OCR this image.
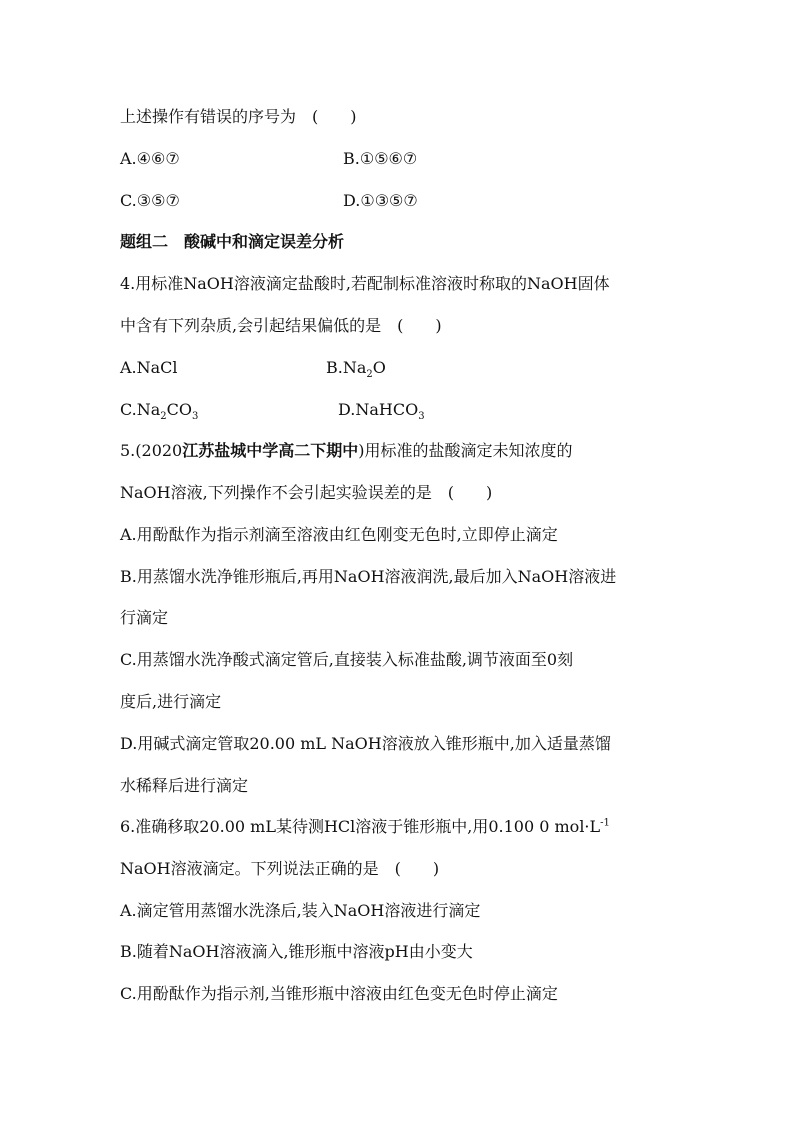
上述操作有错误的序号为　(　　)
A.④⑥⑦	B.①⑤⑥⑦
C.③⑤⑦	D.①③⑤⑦
题组二　酸碱中和滴定误差分析
4.用标准NaOH溶液滴定盐酸时,若配制标准溶液时称取的NaOH固体
中含有下列杂质,会引起结果偏低的是　(　　)
A.NaCl	$B.Na_2O$
$C.Na_2CO_3$	D.NaHCO$_3$
5.(2020江苏盐城中学高二下期中)用标准的盐酸滴定未知浓度的
NaOH溶液,下列操作不会引起实验误差的是　(　　)
A.用酚酞作为指示剂滴至溶液由红色刚变无色时,立即停止滴定
B.用蒸馏水洗净锥形瓶后,再用NaOH溶液润洗,最后加入NaOH溶液进
行滴定
C.用蒸馏水洗净酸式滴定管后,直接装入标准盐酸,调节液面至0刻
度后,进行滴定
D.用碱式滴定管取20.00 mL NaOH溶液放入锥形瓶中,加入适量蒸馏
水稀释后进行滴定
6.准确移取20.00 mL某待测HCl溶液于锥形瓶中,用0.100 0 $mol\cdot L^{-1}$
NaOH溶液滴定。下列说法正确的是　(　　)
A.滴定管用蒸馏水洗涤后,装入NaOH溶液进行滴定
B.随着NaOH溶液滴入,锥形瓶中溶液pH由小变大
C.用酚酞作为指示剂,当锥形瓶中溶液由红色变无色时停止滴定
